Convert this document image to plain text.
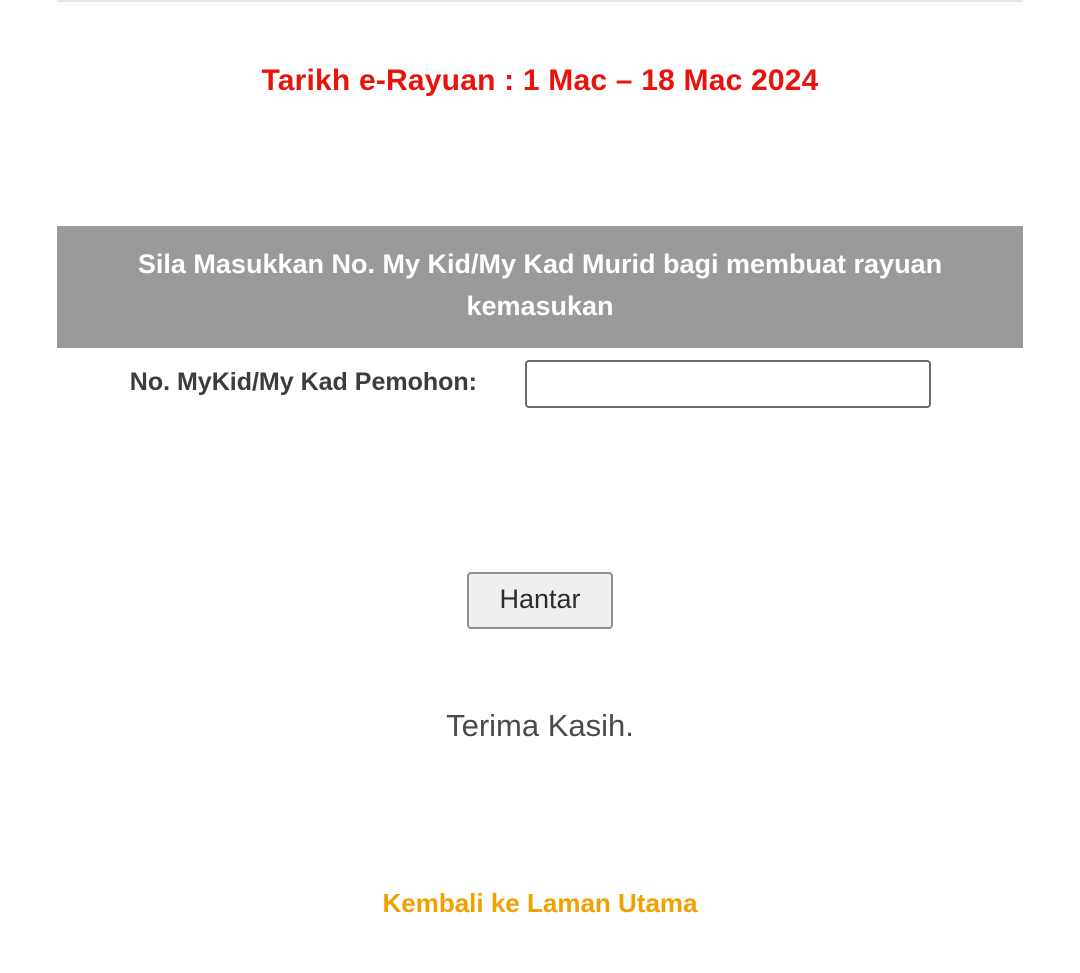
Tarikh e-Rayuan : 1 Mac – 18 Mac 2024
Sila Masukkan No. My Kid/My Kad Murid bagi membuat rayuan kemasukan
No. MyKid/My Kad Pemohon:
Hantar
Terima Kasih.
Kembali ke Laman Utama
